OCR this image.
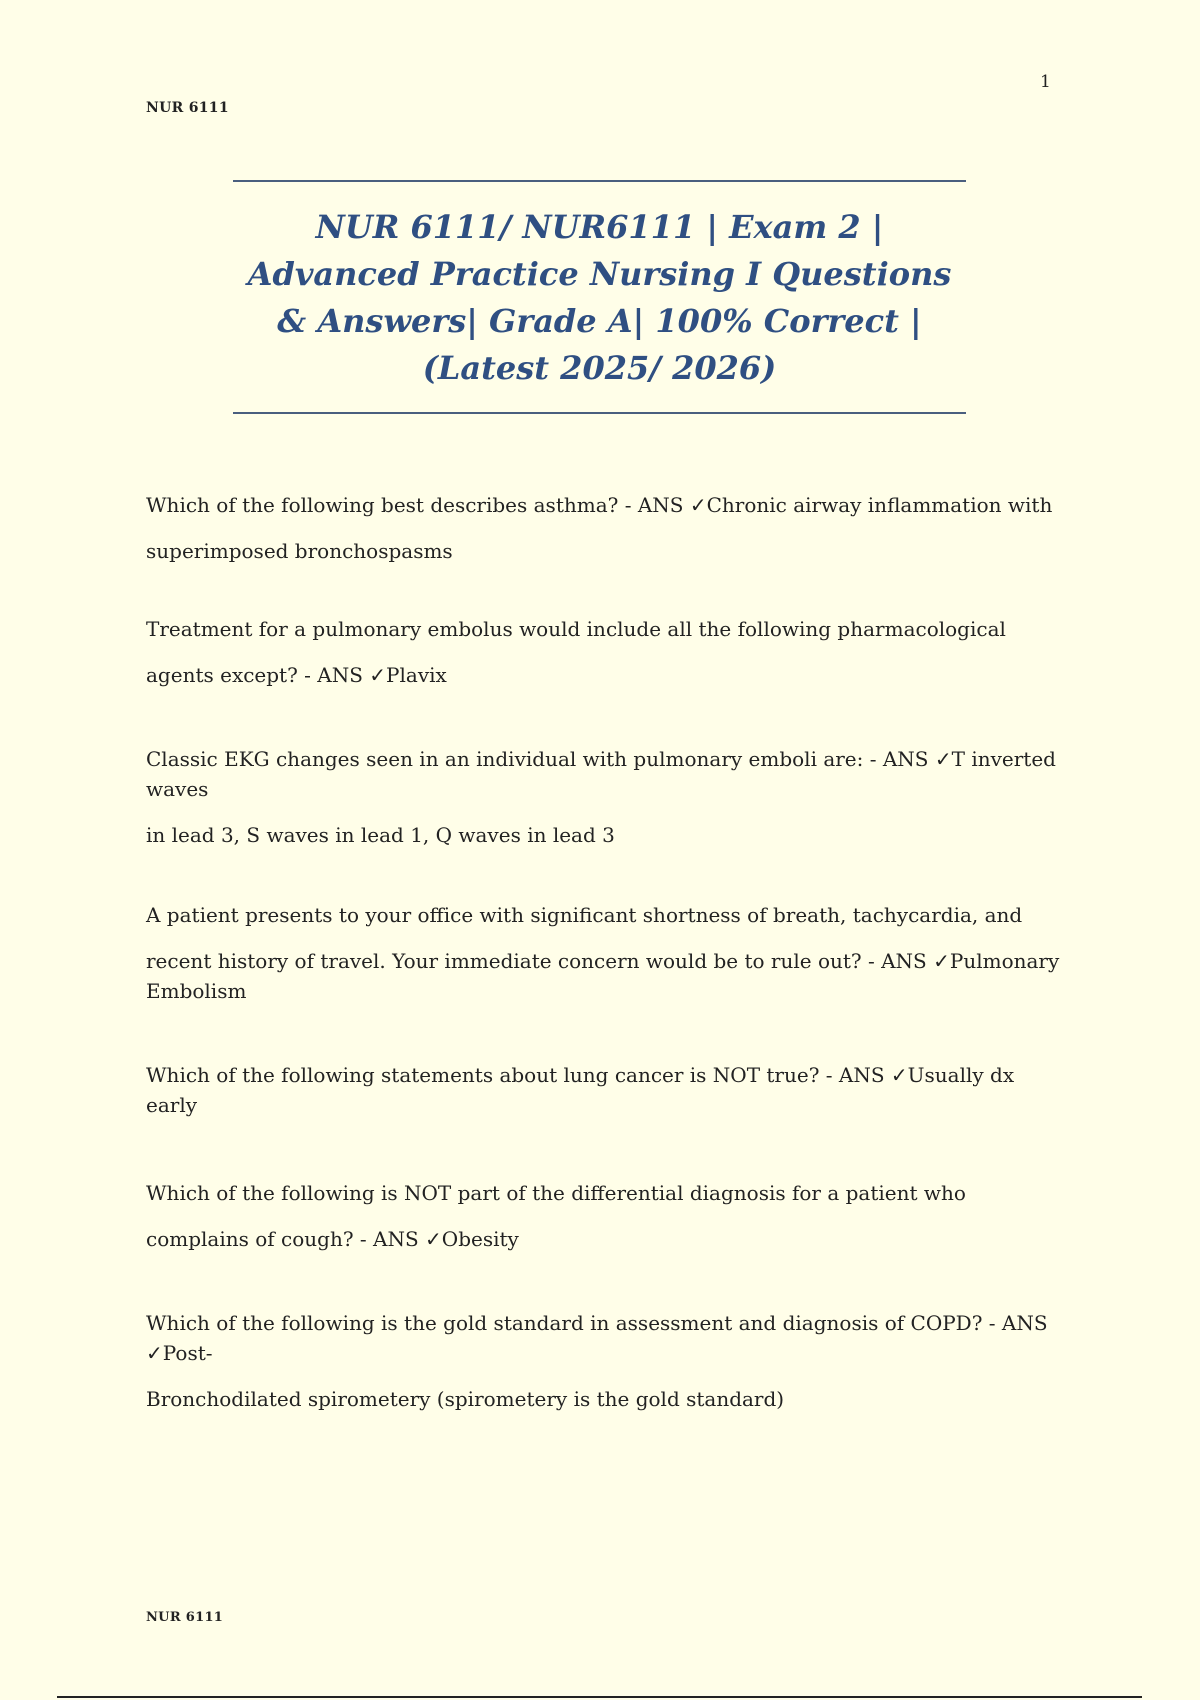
1
NUR 6111
NUR 6111/ NUR6111 | Exam 2 | Advanced Practice Nursing I Questions & Answers| Grade A| 100% Correct | (Latest 2025/ 2026)

Which of the following best describes asthma? - ANS ✓Chronic airway inflammation with

superimposed bronchospasms

Treatment for a pulmonary embolus would include all the following pharmacological

agents except? - ANS ✓Plavix

Classic EKG changes seen in an individual with pulmonary emboli are: - ANS ✓T inverted waves

in lead 3, S waves in lead 1, Q waves in lead 3

A patient presents to your office with significant shortness of breath, tachycardia, and

recent history of travel. Your immediate concern would be to rule out? - ANS ✓Pulmonary Embolism

Which of the following statements about lung cancer is NOT true? - ANS ✓Usually dx early

Which of the following is NOT part of the differential diagnosis for a patient who

complains of cough? - ANS ✓Obesity

Which of the following is the gold standard in assessment and diagnosis of COPD? - ANS ✓Post-

Bronchodilated spirometery (spirometery is the gold standard)

NUR 6111
